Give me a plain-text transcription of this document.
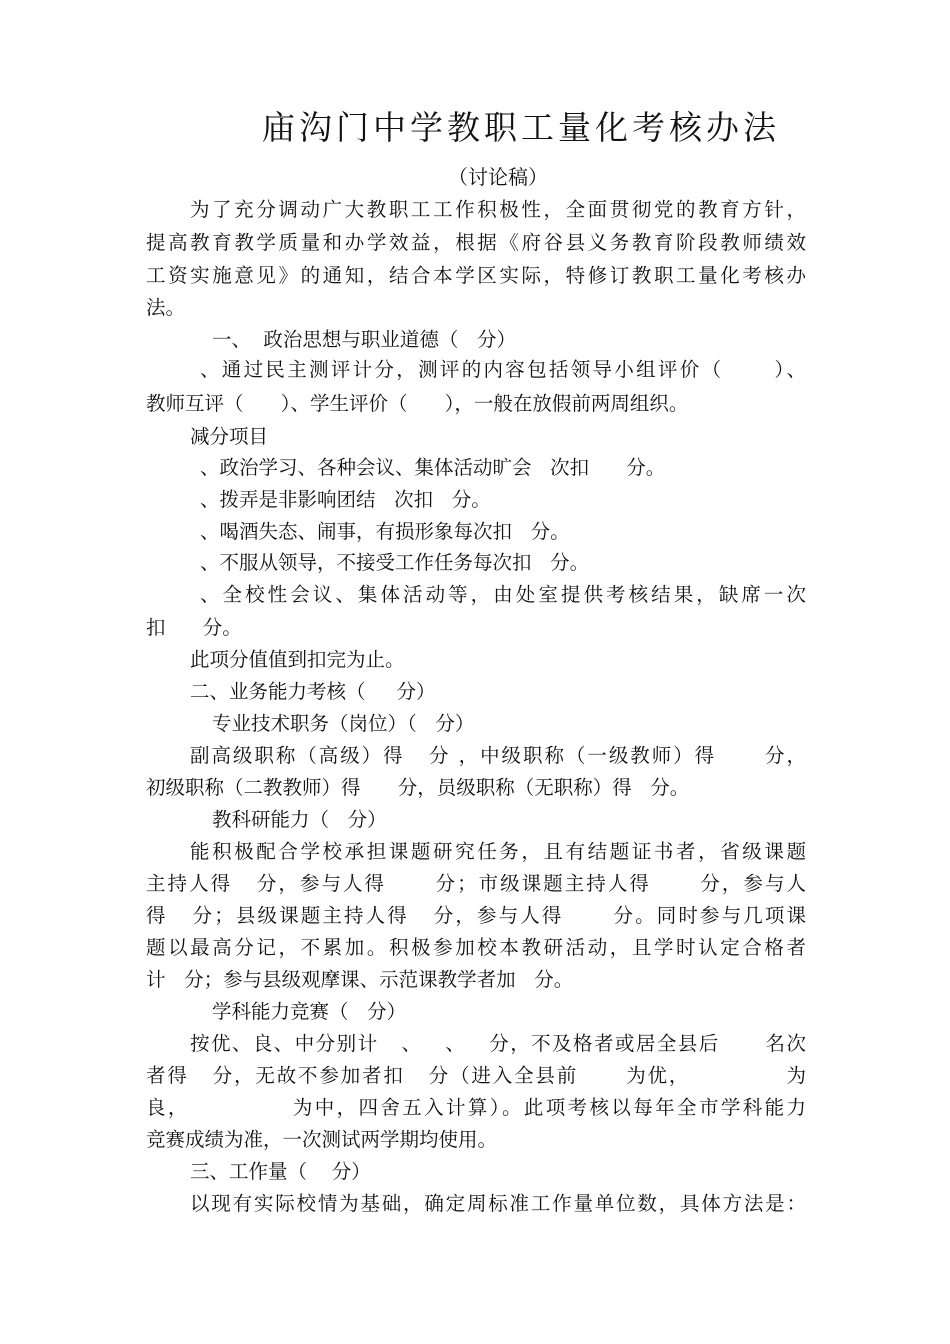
庙沟门中学教职工量化考核办法
（讨论稿）
为了充分调动广大教职工工作积极性，全面贯彻党的教育方针，
提高教育教学质量和办学效益，根据《府谷县义务教育阶段教师绩效
工资实施意见》的通知，结合本学区实际，特修订教职工量化考核办
法。
一、  政治思想与职业道德（   分）
、通过民主测评计分，测评的内容包括领导小组评价（      ）、
教师互评（      ）、学生评价（      ），一般在放假前两周组织。
减分项目
、政治学习、各种会议、集体活动旷会   次扣      分。
、拨弄是非影响团结   次扣   分。
、喝酒失态、闹事，有损形象每次扣   分。
、不服从领导，不接受工作任务每次扣   分。
、全校性会议、集体活动等，由处室提供考核结果，缺席一次
扣      分。
此项分值值到扣完为止。
二、业务能力考核（     分）
专业技术职务（岗位）（   分）
副高级职称（高级）得   分 ，中级职称（一级教师）得      分，
初级职称（二教教师）得      分，员级职称（无职称）得   分。
教科研能力（   分）
能积极配合学校承担课题研究任务，且有结题证书者，省级课题
主持人得   分，参与人得      分；市级课题主持人得      分，参与人
得   分；县级课题主持人得   分，参与人得      分。同时参与几项课
题以最高分记，不累加。积极参加校本教研活动，且学时认定合格者
计   分；参与县级观摩课、示范课教学者加   分。
学科能力竞赛（   分）
按优、良、中分别计   、   、   分，不及格者或居全县后      名次
者得   分，无故不参加者扣   分（进入全县前      为优，            为
良，            为中，四舍五入计算）。此项考核以每年全市学科能力
竞赛成绩为准，一次测试两学期均使用。
三、工作量（    分）
以现有实际校情为基础，确定周标准工作量单位数，具体方法是：
